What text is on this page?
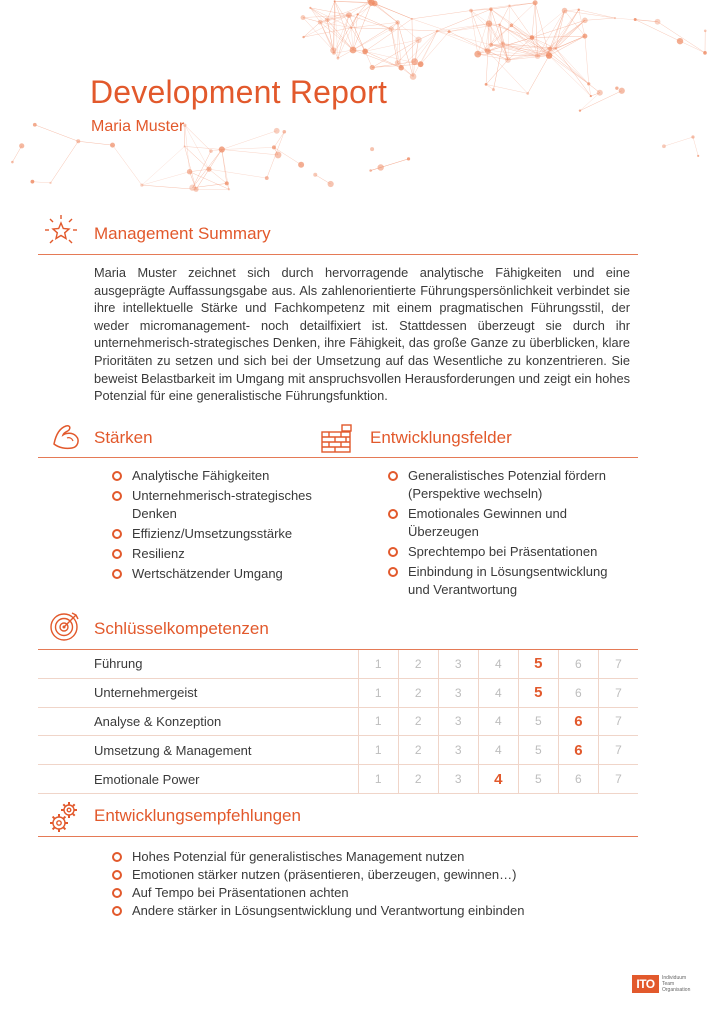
Development Report
Maria Muster
Management Summary
Maria Muster zeichnet sich durch hervorragende analytische Fähigkeiten und eine ausgeprägte Auffassungsgabe aus. Als zahlenorientierte Führungspersönlichkeit verbindet sie ihre intellektuelle Stärke und Fachkompetenz mit einem pragmatischen Führungsstil, der weder micromanagement- noch detailfixiert ist. Stattdessen überzeugt sie durch ihr unternehmerisch-strategisches Denken, ihre Fähigkeit, das große Ganze zu überblicken, klare Prioritäten zu setzen und sich bei der Umsetzung auf das Wesentliche zu konzentrieren. Sie beweist Belastbarkeit im Umgang mit anspruchsvollen Herausforderungen und zeigt ein hohes Potenzial für eine generalistische Führungsfunktion.
Stärken	Entwicklungsfelder
Analytische Fähigkeiten
Unternehmerisch-strategisches Denken
Effizienz/Umsetzungsstärke
Resilienz
Wertschätzender Umgang
Generalistisches Potenzial fördern (Perspektive wechseln)
Emotionales Gewinnen und Überzeugen
Sprechtempo bei Präsentationen
Einbindung in Lösungsentwicklung und Verantwortung
Schlüsselkompetenzen
Führung	1	2	3	4	5	6	7
Unternehmergeist	1	2	3	4	5	6	7
Analyse & Konzeption	1	2	3	4	5	6	7
Umsetzung & Management	1	2	3	4	5	6	7
Emotionale Power	1	2	3	4	5	6	7
Entwicklungsempfehlungen
Hohes Potenzial für generalistisches Management nutzen
Emotionen stärker nutzen (präsentieren, überzeugen, gewinnen…)
Auf Tempo bei Präsentationen achten
Andere stärker in Lösungsentwicklung und Verantwortung einbinden
ITO	Individuum
Team
Organisation
